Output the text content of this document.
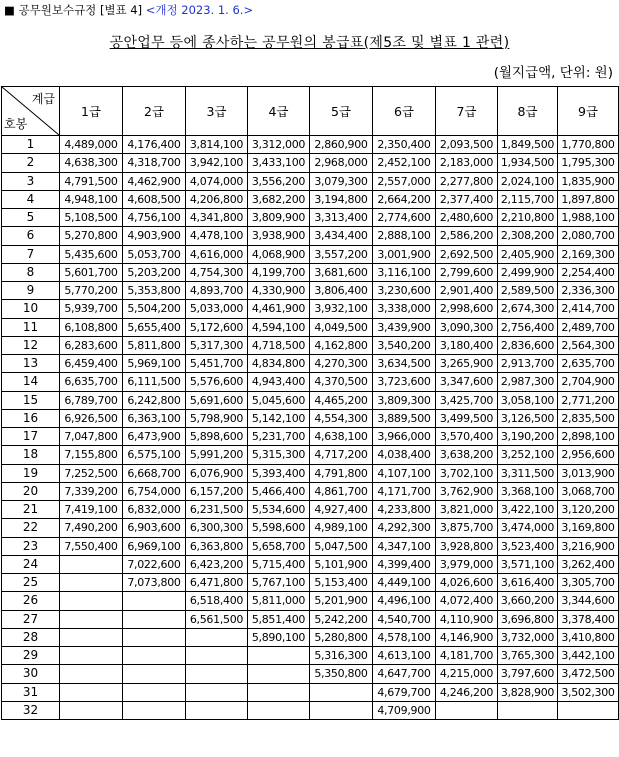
■ 공무원보수규정 [별표 4] <개정 2023. 1. 6.>
공안업무 등에 종사하는 공무원의 봉급표(제5조 및 별표 1 관련)
(월지급액, 단위: 원)
계급
호봉	1급	2급	3급	4급	5급	6급	7급	8급	9급
1	4,489,000	4,176,400	3,814,100	3,312,000	2,860,900	2,350,400	2,093,500	1,849,500	1,770,800
2	4,638,300	4,318,700	3,942,100	3,433,100	2,968,000	2,452,100	2,183,000	1,934,500	1,795,300
3	4,791,500	4,462,900	4,074,000	3,556,200	3,079,300	2,557,000	2,277,800	2,024,100	1,835,900
4	4,948,100	4,608,500	4,206,800	3,682,200	3,194,800	2,664,200	2,377,400	2,115,700	1,897,800
5	5,108,500	4,756,100	4,341,800	3,809,900	3,313,400	2,774,600	2,480,600	2,210,800	1,988,100
6	5,270,800	4,903,900	4,478,100	3,938,900	3,434,400	2,888,100	2,586,200	2,308,200	2,080,700
7	5,435,600	5,053,700	4,616,000	4,068,900	3,557,200	3,001,900	2,692,500	2,405,900	2,169,300
8	5,601,700	5,203,200	4,754,300	4,199,700	3,681,600	3,116,100	2,799,600	2,499,900	2,254,400
9	5,770,200	5,353,800	4,893,700	4,330,900	3,806,400	3,230,600	2,901,400	2,589,500	2,336,300
10	5,939,700	5,504,200	5,033,000	4,461,900	3,932,100	3,338,000	2,998,600	2,674,300	2,414,700
11	6,108,800	5,655,400	5,172,600	4,594,100	4,049,500	3,439,900	3,090,300	2,756,400	2,489,700
12	6,283,600	5,811,800	5,317,300	4,718,500	4,162,800	3,540,200	3,180,400	2,836,600	2,564,300
13	6,459,400	5,969,100	5,451,700	4,834,800	4,270,300	3,634,500	3,265,900	2,913,700	2,635,700
14	6,635,700	6,111,500	5,576,600	4,943,400	4,370,500	3,723,600	3,347,600	2,987,300	2,704,900
15	6,789,700	6,242,800	5,691,600	5,045,600	4,465,200	3,809,300	3,425,700	3,058,100	2,771,200
16	6,926,500	6,363,100	5,798,900	5,142,100	4,554,300	3,889,500	3,499,500	3,126,500	2,835,500
17	7,047,800	6,473,900	5,898,600	5,231,700	4,638,100	3,966,000	3,570,400	3,190,200	2,898,100
18	7,155,800	6,575,100	5,991,200	5,315,300	4,717,200	4,038,400	3,638,200	3,252,100	2,956,600
19	7,252,500	6,668,700	6,076,900	5,393,400	4,791,800	4,107,100	3,702,100	3,311,500	3,013,900
20	7,339,200	6,754,000	6,157,200	5,466,400	4,861,700	4,171,700	3,762,900	3,368,100	3,068,700
21	7,419,100	6,832,000	6,231,500	5,534,600	4,927,400	4,233,800	3,821,000	3,422,100	3,120,200
22	7,490,200	6,903,600	6,300,300	5,598,600	4,989,100	4,292,300	3,875,700	3,474,000	3,169,800
23	7,550,400	6,969,100	6,363,800	5,658,700	5,047,500	4,347,100	3,928,800	3,523,400	3,216,900
24		7,022,600	6,423,200	5,715,400	5,101,900	4,399,400	3,979,000	3,571,100	3,262,400
25		7,073,800	6,471,800	5,767,100	5,153,400	4,449,100	4,026,600	3,616,400	3,305,700
26			6,518,400	5,811,000	5,201,900	4,496,100	4,072,400	3,660,200	3,344,600
27			6,561,500	5,851,400	5,242,200	4,540,700	4,110,900	3,696,800	3,378,400
28				5,890,100	5,280,800	4,578,100	4,146,900	3,732,000	3,410,800
29					5,316,300	4,613,100	4,181,700	3,765,300	3,442,100
30					5,350,800	4,647,700	4,215,000	3,797,600	3,472,500
31						4,679,700	4,246,200	3,828,900	3,502,300
32						4,709,900			
